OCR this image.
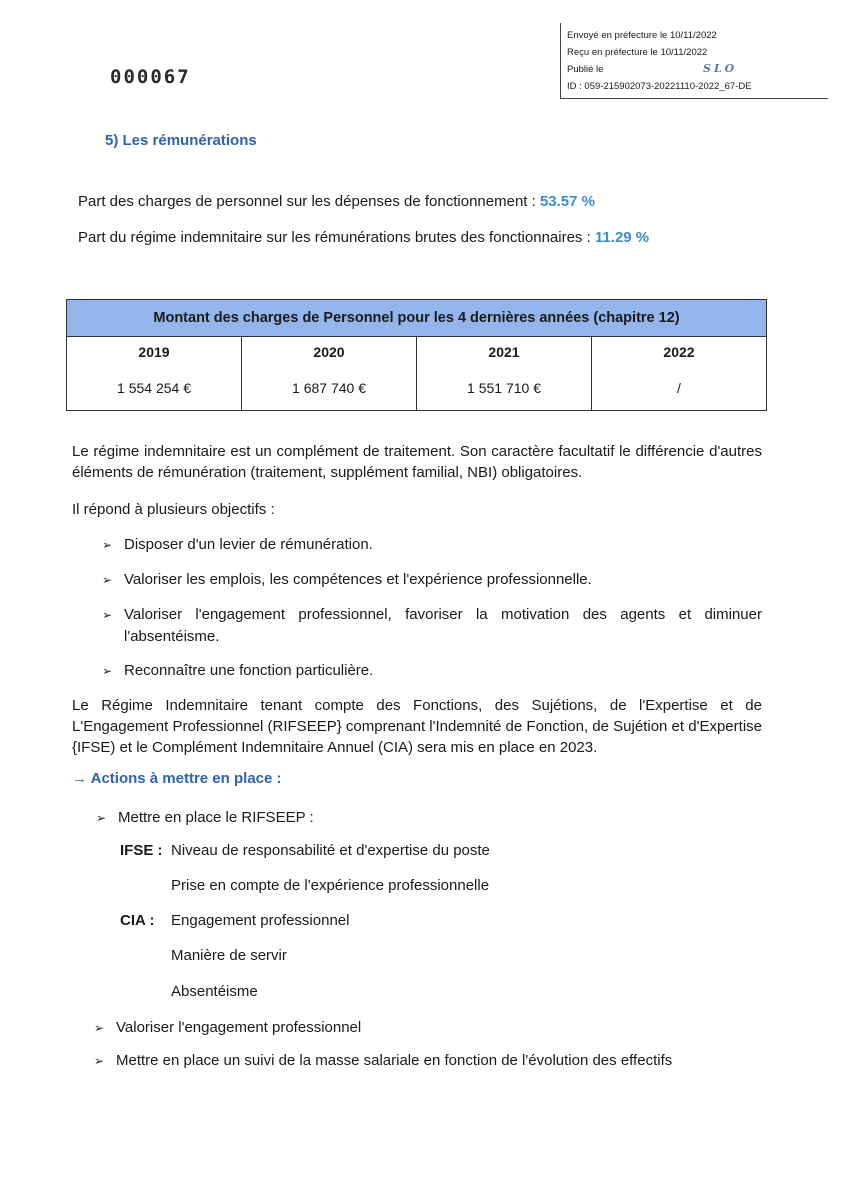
000067
Envoyé en préfecture le 10/11/2022
Reçu en préfecture le 10/11/2022
Publié le
ID : 059-215902073-20221110-2022_67-DE
SLO
5) Les rémunérations
Part des charges de personnel sur les dépenses de fonctionnement : 53.57 %
Part du régime indemnitaire sur les rémunérations brutes des fonctionnaires : 11.29 %
Montant des charges de Personnel pour les 4 dernières années (chapitre 12)			
2019	2020	2021	2022
1 554 254 €	1 687 740 €	1 551 710 €	/
Le régime indemnitaire est un complément de traitement. Son caractère facultatif le différencie d'autres éléments de rémunération (traitement, supplément familial, NBI) obligatoires.
Il répond à plusieurs objectifs :
➢ Disposer d'un levier de rémunération.
➢ Valoriser les emplois, les compétences et l'expérience professionnelle.
➢ Valoriser l'engagement professionnel, favoriser la motivation des agents et diminuer l'absentéisme.
➢ Reconnaître une fonction particulière.
Le Régime Indemnitaire tenant compte des Fonctions, des Sujétions, de l'Expertise et de L'Engagement Professionnel (RIFSEEP} comprenant l'Indemnité de Fonction, de Sujétion et d'Expertise {IFSE) et le Complément Indemnitaire Annuel (CIA) sera mis en place en 2023.
→ Actions à mettre en place :
➢ Mettre en place le RIFSEEP :
IFSE : Niveau de responsabilité et d'expertise du poste
Prise en compte de l'expérience professionnelle
CIA : Engagement professionnel
Manière de servir
Absentéisme
➢ Valoriser l'engagement professionnel
➢ Mettre en place un suivi de la masse salariale en fonction de l'évolution des effectifs
